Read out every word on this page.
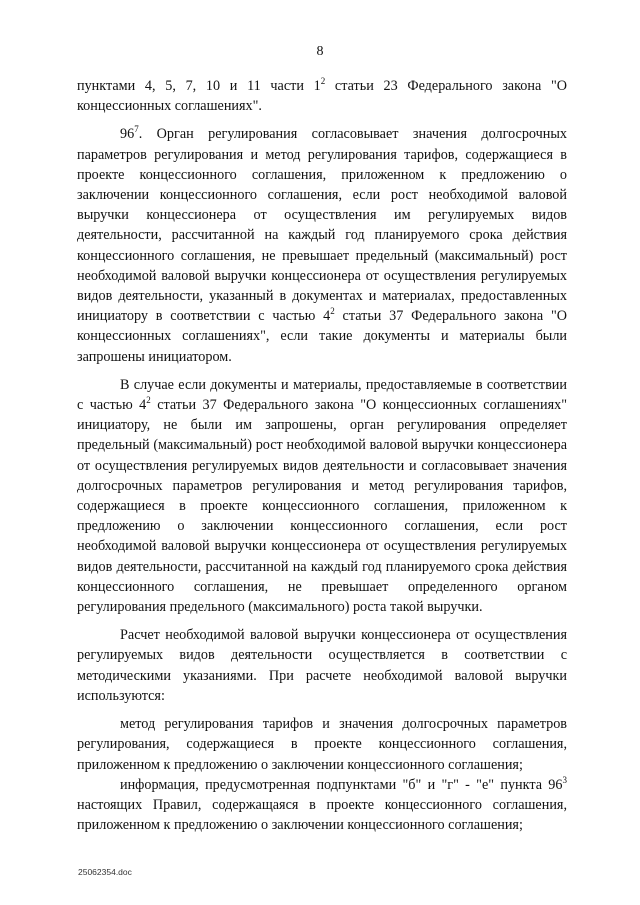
8

пунктами 4, 5, 7, 10 и 11 части $1^2$ статьи 23 Федерального закона "О концессионных соглашениях".

$96^7$. Орган регулирования согласовывает значения долгосрочных параметров регулирования и метод регулирования тарифов, содержащиеся в проекте концессионного соглашения, приложенном к предложению о заключении концессионного соглашения, если рост необходимой валовой выручки концессионера от осуществления им регулируемых видов деятельности, рассчитанной на каждый год планируемого срока действия концессионного соглашения, не превышает предельный (максимальный) рост необходимой валовой выручки концессионера от осуществления регулируемых видов деятельности, указанный в документах и материалах, предоставленных инициатору в соответствии с частью $4^2$ статьи 37 Федерального закона "О концессионных соглашениях", если такие документы и материалы были запрошены инициатором.

В случае если документы и материалы, предоставляемые в соответствии с частью $4^2$ статьи 37 Федерального закона "О концессионных соглашениях" инициатору, не были им запрошены, орган регулирования определяет предельный (максимальный) рост необходимой валовой выручки концессионера от осуществления регулируемых видов деятельности и согласовывает значения долгосрочных параметров регулирования и метод регулирования тарифов, содержащиеся в проекте концессионного соглашения, приложенном к предложению о заключении концессионного соглашения, если рост необходимой валовой выручки концессионера от осуществления регулируемых видов деятельности, рассчитанной на каждый год планируемого срока действия концессионного соглашения, не превышает определенного органом регулирования предельного (максимального) роста такой выручки.

Расчет необходимой валовой выручки концессионера от осуществления регулируемых видов деятельности осуществляется в соответствии с методическими указаниями. При расчете необходимой валовой выручки используются:

метод регулирования тарифов и значения долгосрочных параметров регулирования, содержащиеся в проекте концессионного соглашения, приложенном к предложению о заключении концессионного соглашения;

информация, предусмотренная подпунктами "б" и "г" - "е" пункта $96^3$ настоящих Правил, содержащаяся в проекте концессионного соглашения, приложенном к предложению о заключении концессионного соглашения;

25062354.doc
